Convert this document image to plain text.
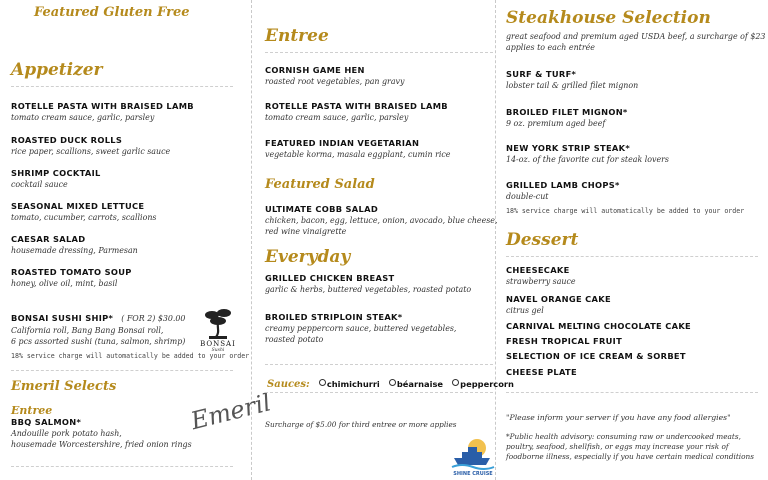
Featured Gluten Free
Appetizer
ROTELLE PASTA WITH BRAISED LAMB
tomato cream sauce, garlic, parsley
ROASTED DUCK ROLLS
rice paper, scallions, sweet garlic sauce
SHRIMP COCKTAIL
cocktail sauce
SEASONAL MIXED LETTUCE
tomato, cucumber, carrots, scallions
CAESAR SALAD
housemade dressing, Parmesan
ROASTED TOMATO SOUP
honey, olive oil, mint, basil
BONSAI SUSHI SHIP* ( FOR 2) $30.00
California roll, Bang Bang Bonsai roll,
6 pcs assorted sushi (tuna, salmon, shrimp)	BONSAI
Sushi
18% service charge will automatically be added to your order
Emeril Selects
Entree
BBQ SALMON*
Andouille pork potato hash,
housemade Worcestershire, fried onion rings
Emeril
Entree
CORNISH GAME HEN
roasted root vegetables, pan gravy
ROTELLE PASTA WITH BRAISED LAMB
tomato cream sauce, garlic, parsley
FEATURED INDIAN VEGETARIAN
vegetable korma, masala eggplant, cumin rice
Featured Salad
ULTIMATE COBB SALAD
chicken, bacon, egg, lettuce, onion, avocado, blue cheese,
red wine vinaigrette
Everyday
GRILLED CHICKEN BREAST
garlic & herbs, buttered vegetables, roasted potato
BROILED STRIPLOIN STEAK*
creamy peppercorn sauce, buttered vegetables,
roasted potato
Sauces: chimichurri béarnaise peppercorn
Surcharge of $5.00 for third entree or more applies
SHINE CRUISE
Steakhouse Selection
great seafood and premium aged USDA beef, a surcharge of $23
applies to each entrée
SURF & TURF*
lobster tail & grilled filet mignon
BROILED FILET MIGNON*
9 oz. premium aged beef
NEW YORK STRIP STEAK*
14-oz. of the favorite cut for steak lovers
GRILLED LAMB CHOPS*
double-cut
18% service charge will automatically be added to your order
Dessert
CHEESECAKE
strawberry sauce
NAVEL ORANGE CAKE
citrus gel
CARNIVAL MELTING CHOCOLATE CAKE
FRESH TROPICAL FRUIT
SELECTION OF ICE CREAM & SORBET
CHEESE PLATE
"Please inform your server if you have any food allergies"
*Public health advisory: consuming raw or undercooked meats,
poultry, seafood, shellfish, or eggs may increase your risk of
foodborne illness, especially if you have certain medical conditions
